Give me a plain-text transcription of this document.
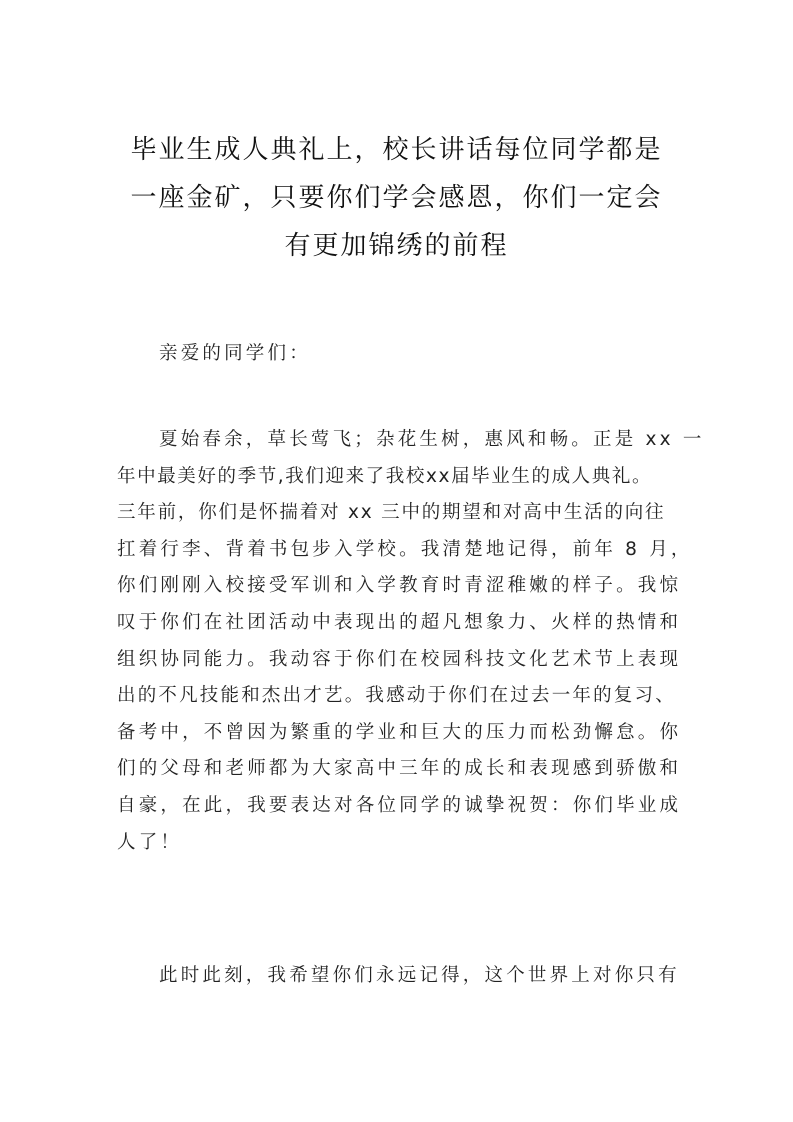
毕业生成人典礼上，校长讲话每位同学都是
一座金矿，只要你们学会感恩，你们一定会
有更加锦绣的前程

亲爱的同学们：

夏始春余，草长莺飞；杂花生树，惠风和畅。正是 xx 一
年中最美好的季节,我们迎来了我校xx届毕业生的成人典礼。
三年前，你们是怀揣着对 xx 三中的期望和对高中生活的向往
扛着行李、背着书包步入学校。我清楚地记得，前年 8 月，
你们刚刚入校接受军训和入学教育时青涩稚嫩的样子。我惊
叹于你们在社团活动中表现出的超凡想象力、火样的热情和
组织协同能力。我动容于你们在校园科技文化艺术节上表现
出的不凡技能和杰出才艺。我感动于你们在过去一年的复习、
备考中，不曾因为繁重的学业和巨大的压力而松劲懈怠。你
们的父母和老师都为大家高中三年的成长和表现感到骄傲和
自豪，在此，我要表达对各位同学的诚挚祝贺：你们毕业成
人了！
此时此刻，我希望你们永远记得，这个世界上对你只有
